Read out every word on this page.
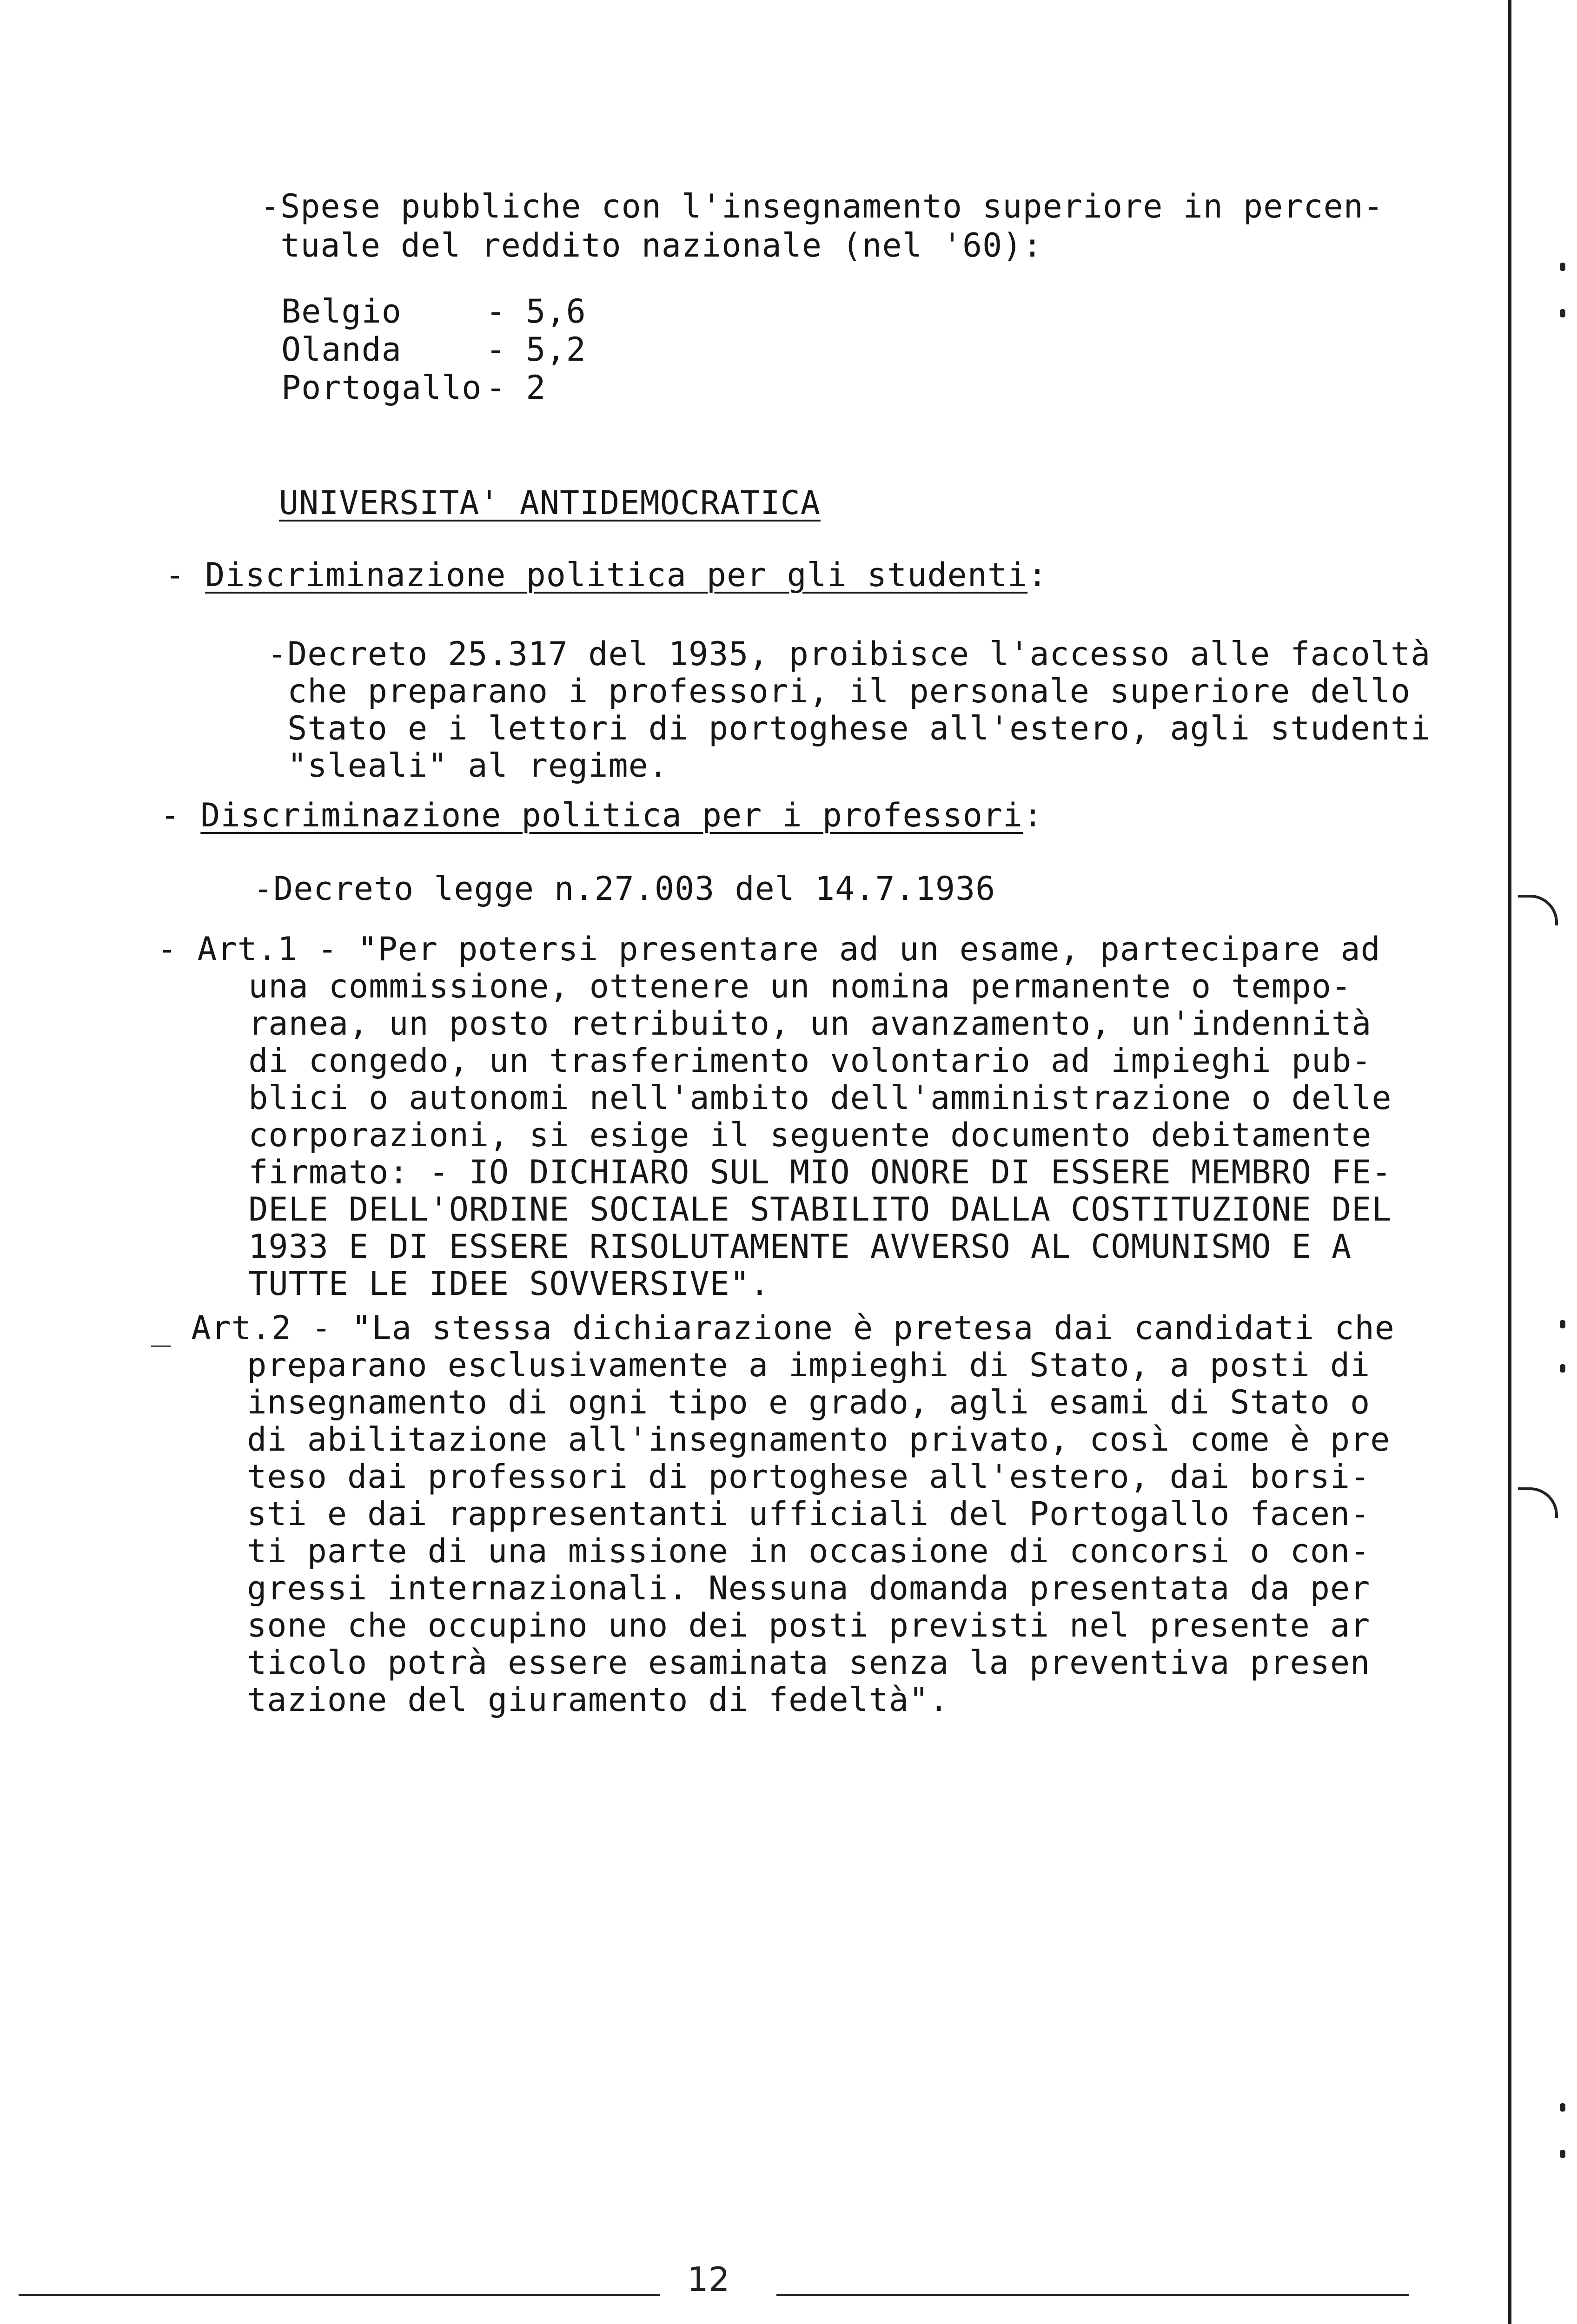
-Spese pubbliche con l'insegnamento superiore in percen-
tuale del reddito nazionale (nel '60):
Belgio	- 5,6
Olanda	- 5,2
Portogallo - 2
UNIVERSITA' ANTIDEMOCRATICA
- Discriminazione politica per gli studenti:
-Decreto 25.317 del 1935, proibisce l'accesso alle facoltà
che preparano i professori, il personale superiore dello
Stato e i lettori di portoghese all'estero, agli studenti
"sleali" al regime.
- Discriminazione politica per i professori:
-Decreto legge n.27.003 del 14.7.1936
- Art.1 - "Per potersi presentare ad un esame, partecipare ad
una commissione, ottenere un nomina permanente o tempo-
ranea, un posto retribuito, un avanzamento, un'indennità
di congedo, un trasferimento volontario ad impieghi pub-
blici o autonomi nell'ambito dell'amministrazione o delle
corporazioni, si esige il seguente documento debitamente
firmato: - IO DICHIARO SUL MIO ONORE DI ESSERE MEMBRO FE-
DELE DELL'ORDINE SOCIALE STABILITO DALLA COSTITUZIONE DEL
1933 E DI ESSERE RISOLUTAMENTE AVVERSO AL COMUNISMO E A
TUTTE LE IDEE SOVVERSIVE".
_ Art.2 - "La stessa dichiarazione è pretesa dai candidati che
preparano esclusivamente a impieghi di Stato, a posti di
insegnamento di ogni tipo e grado, agli esami di Stato o
di abilitazione all'insegnamento privato, così come è pre
teso dai professori di portoghese all'estero, dai borsi-
sti e dai rappresentanti ufficiali del Portogallo facen-
ti parte di una missione in occasione di concorsi o con-
gressi internazionali. Nessuna domanda presentata da per
sone che occupino uno dei posti previsti nel presente ar
ticolo potrà essere esaminata senza la preventiva presen
tazione del giuramento di fedeltà".
12
